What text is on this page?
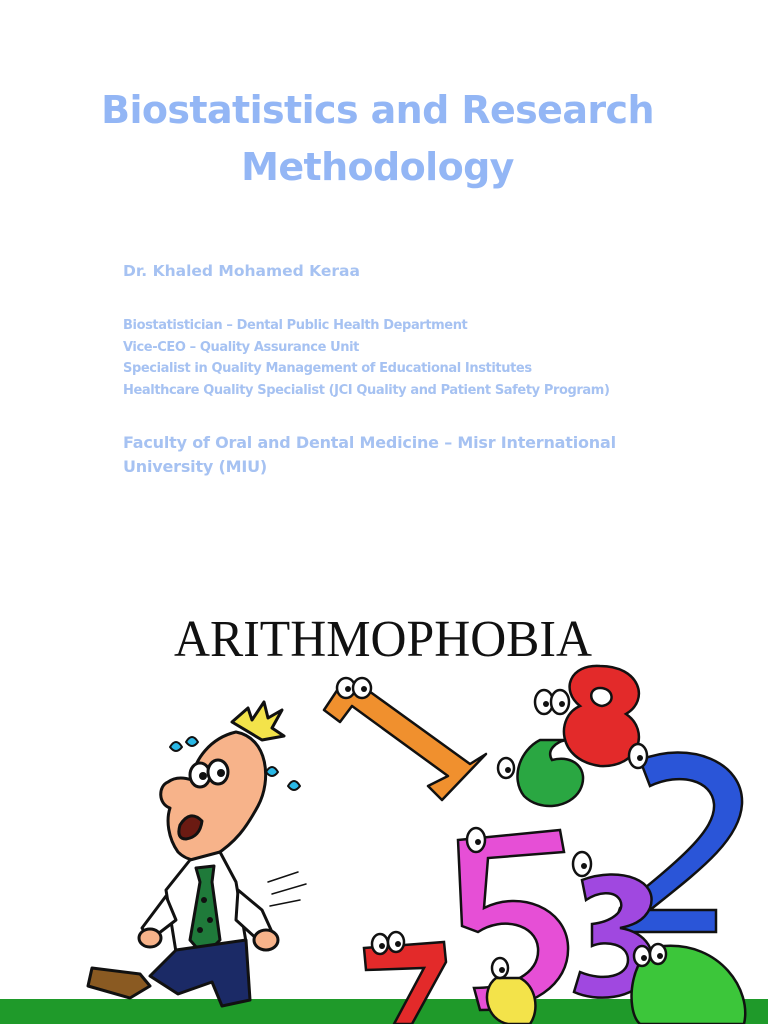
Biostatistics and Research
Methodology
Dr. Khaled Mohamed Keraa
Biostatistician – Dental Public Health Department
Vice-CEO – Quality Assurance Unit
Specialist in Quality Management of Educational Institutes
Healthcare Quality Specialist (JCI Quality and Patient Safety Program)
Faculty of Oral and Dental Medicine – Misr International University (MIU)
ARITHMOPHOBIA
2
5
7
